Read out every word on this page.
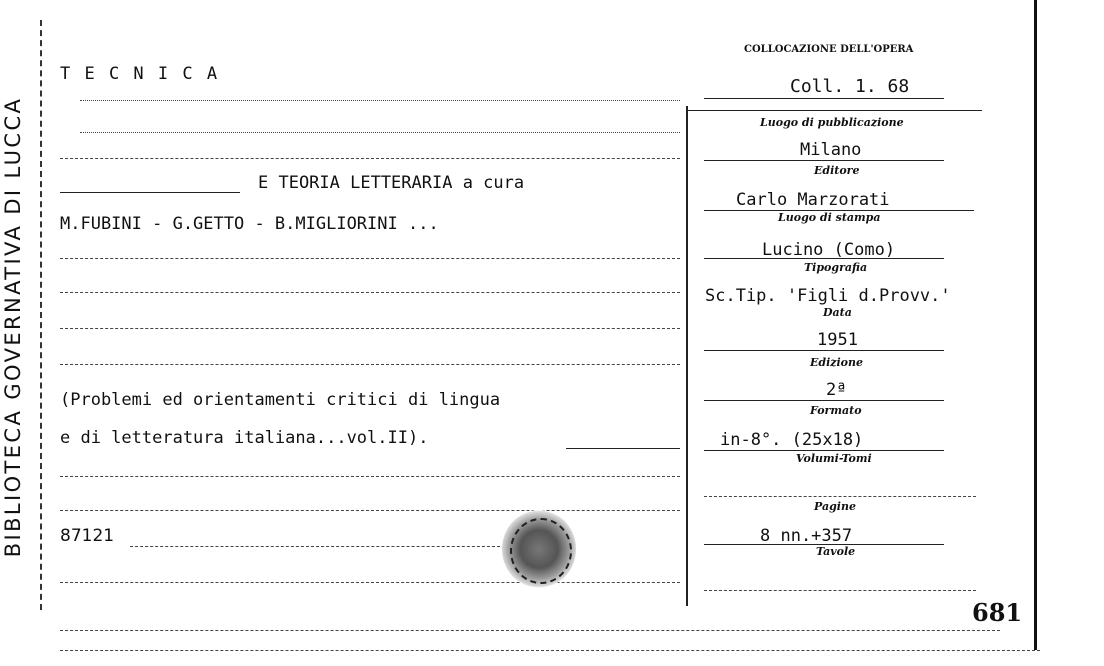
BIBLIOTECA GOVERNATIVA DI LUCCA
T E C N I C A
COLLOCAZIONE DELL'OPERA
Coll. 1. 68
E TEORIA LETTERARIA a cura
M.FUBINI - G.GETTO - B.MIGLIORINI ...
(Problemi ed orientamenti critici di lingua
e di letteratura italiana...vol.II).
87121
Luogo di pubblicazione
Milano
Editore
Carlo Marzorati
Luogo di stampa
Lucino (Como)
Tipografia
Sc.Tip. 'Figli d.Provv.'
Data
1951
Edizione
2ª
Formato
in-8°. (25x18)
Volumi-Tomi
Pagine
8 nn.+357
Tavole
681
